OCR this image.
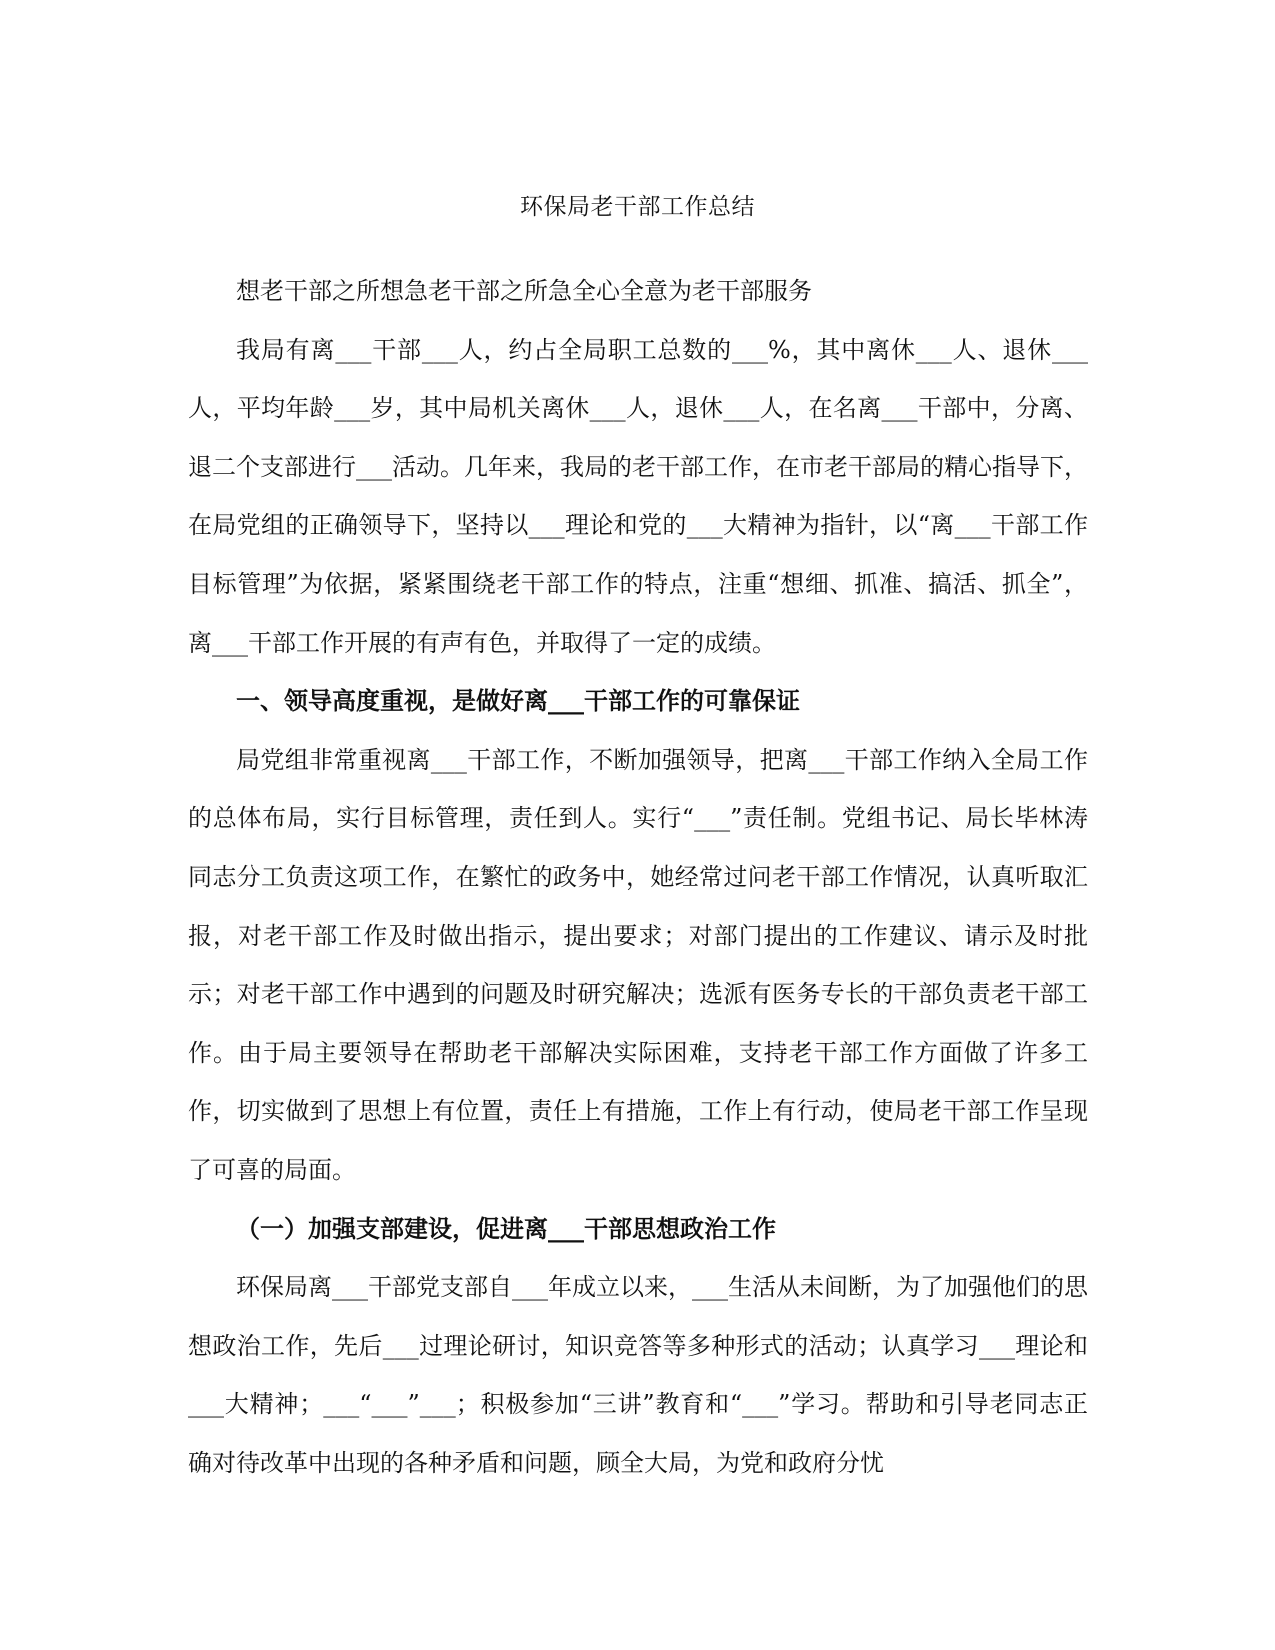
环保局老干部工作总结

想老干部之所想急老干部之所急全心全意为老干部服务

我局有离___干部___人，约占全局职工总数的___%，其中离休___人、退休___人，平均年龄___岁，其中局机关离休___人，退休___人，在名离___干部中，分离、退二个支部进行___活动。几年来，我局的老干部工作，在市老干部局的精心指导下，在局党组的正确领导下，坚持以___理论和党的___大精神为指针，以“离___干部工作目标管理”为依据，紧紧围绕老干部工作的特点，注重“想细、抓准、搞活、抓全”，离___干部工作开展的有声有色，并取得了一定的成绩。

一、领导高度重视，是做好离___干部工作的可靠保证

局党组非常重视离___干部工作，不断加强领导，把离___干部工作纳入全局工作的总体布局，实行目标管理，责任到人。实行“___”责任制。党组书记、局长毕林涛同志分工负责这项工作，在繁忙的政务中，她经常过问老干部工作情况，认真听取汇报，对老干部工作及时做出指示，提出要求；对部门提出的工作建议、请示及时批示；对老干部工作中遇到的问题及时研究解决；选派有医务专长的干部负责老干部工作。由于局主要领导在帮助老干部解决实际困难，支持老干部工作方面做了许多工作，切实做到了思想上有位置，责任上有措施，工作上有行动，使局老干部工作呈现了可喜的局面。

（一）加强支部建设，促进离___干部思想政治工作

环保局离___干部党支部自___年成立以来，___生活从未间断，为了加强他们的思想政治工作，先后___过理论研讨，知识竞答等多种形式的活动；认真学习___理论和___大精神；___“___”___；积极参加“三讲”教育和“___”学习。帮助和引导老同志正确对待改革中出现的各种矛盾和问题，顾全大局，为党和政府分忧
